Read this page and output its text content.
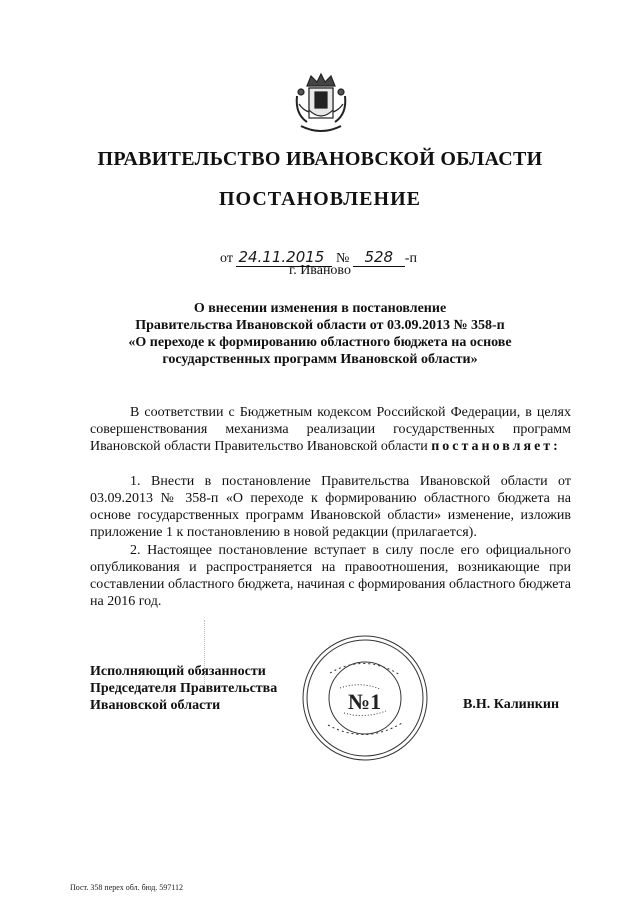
ПРАВИТЕЛЬСТВО ИВАНОВСКОЙ ОБЛАСТИ
ПОСТАНОВЛЕНИЕ
от 24.11.2015 № 528 -п
г. Иваново
О внесении изменения в постановление
Правительства Ивановской области от 03.09.2013 № 358-п
«О переходе к формированию областного бюджета на основе
государственных программ Ивановской области»
В соответствии с Бюджетным кодексом Российской Федерации, в целях совершенствования механизма реализации государственных программ Ивановской области Правительство Ивановской области постановляет:
1. Внести в постановление Правительства Ивановской области от 03.09.2013 № 358-п «О переходе к формированию областного бюджета на основе государственных программ Ивановской области» изменение, изложив приложение 1 к постановлению в новой редакции (прилагается).
2. Настоящее постановление вступает в силу после его официального опубликования и распространяется на правоотношения, возникающие при составлении областного бюджета, начиная с формирования областного бюджета на 2016 год.
Исполняющий обязанности
Председателя Правительства
Ивановской области	№1	В.Н. Калинкин
Пост. 358 перех обл. бюд. 597112
